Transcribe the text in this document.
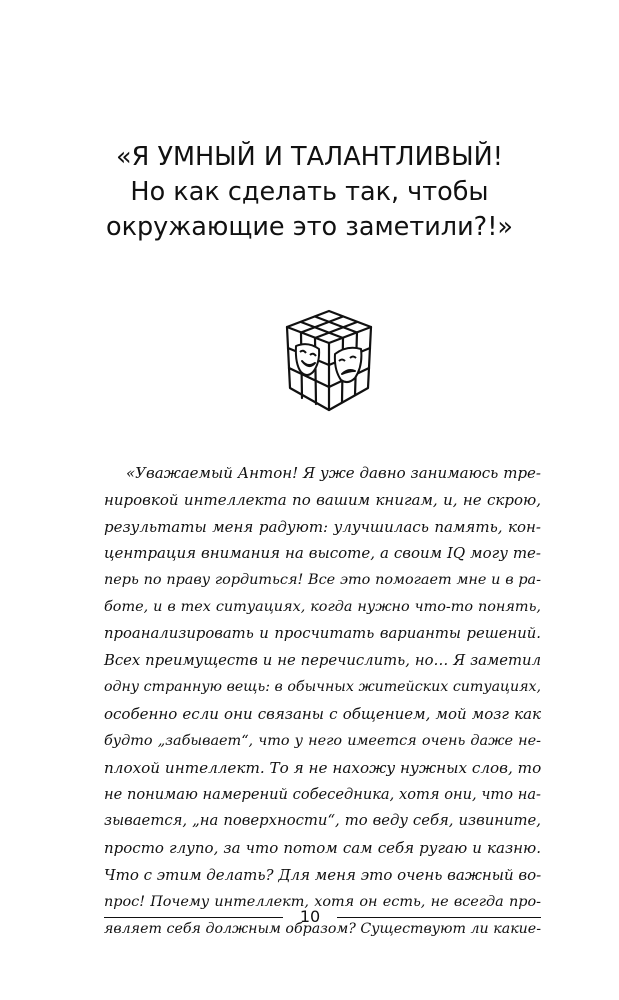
«Я УМНЫЙ И ТАЛАНТЛИВЫЙ!
Но как сделать так, чтобы
окружающие это заметили?!»
«Уважаемый Антон! Я уже давно занимаюсь тре-
нировкой интеллекта по вашим книгам, и, не скрою,
результаты меня радуют: улучшилась память, кон-
центрация внимания на высоте, а своим IQ могу те-
перь по праву гордиться! Все это помогает мне и в ра-
боте, и в тех ситуациях, когда нужно что-то понять,
проанализировать и просчитать варианты решений.
Всех преимуществ и не перечислить, но… Я заметил
одну странную вещь: в обычных житейских ситуациях,
особенно если они связаны с общением, мой мозг как
будто „забывает“, что у него имеется очень даже не-
плохой интеллект. То я не нахожу нужных слов, то
не понимаю намерений собеседника, хотя они, что на-
зывается, „на поверхности“, то веду себя, извините,
просто глупо, за что потом сам себя ругаю и казню.
Что с этим делать? Для меня это очень важный во-
прос! Почему интеллект, хотя он есть, не всегда про-
являет себя должным образом? Существуют ли какие-
10
